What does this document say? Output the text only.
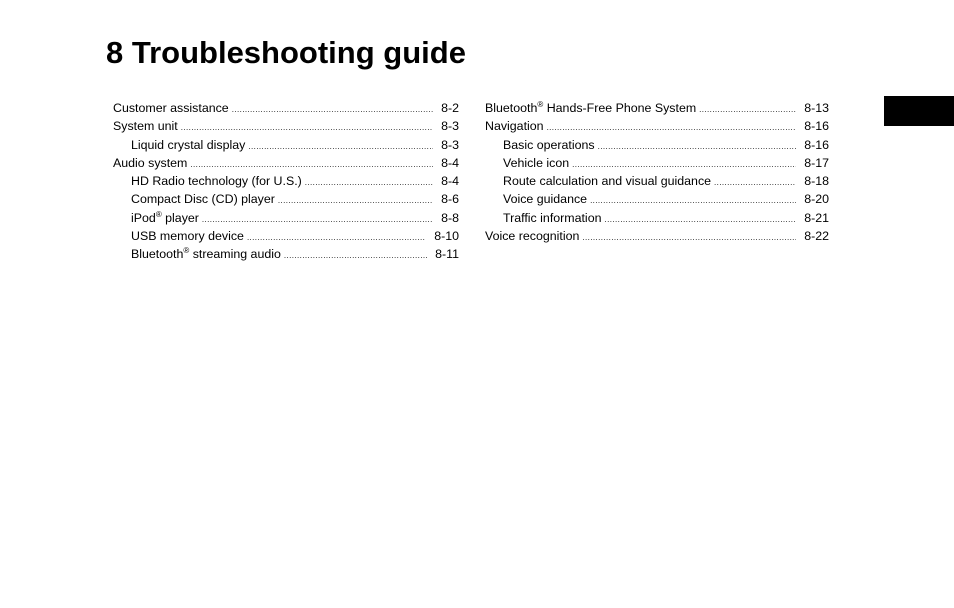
8 Troubleshooting guide
Customer assistance .....	8-2
System unit .....	8-3
Liquid crystal display .....	8-3
Audio system .....	8-4
HD Radio technology (for U.S.) .....	8-4
Compact Disc (CD) player .....	8-6
iPod® player .....	8-8
USB memory device .....	8-10
Bluetooth® streaming audio .....	8-11
Bluetooth® Hands-Free Phone System .....	8-13
Navigation .....	8-16
Basic operations .....	8-16
Vehicle icon .....	8-17
Route calculation and visual guidance .....	8-18
Voice guidance .....	8-20
Traffic information .....	8-21
Voice recognition .....	8-22
